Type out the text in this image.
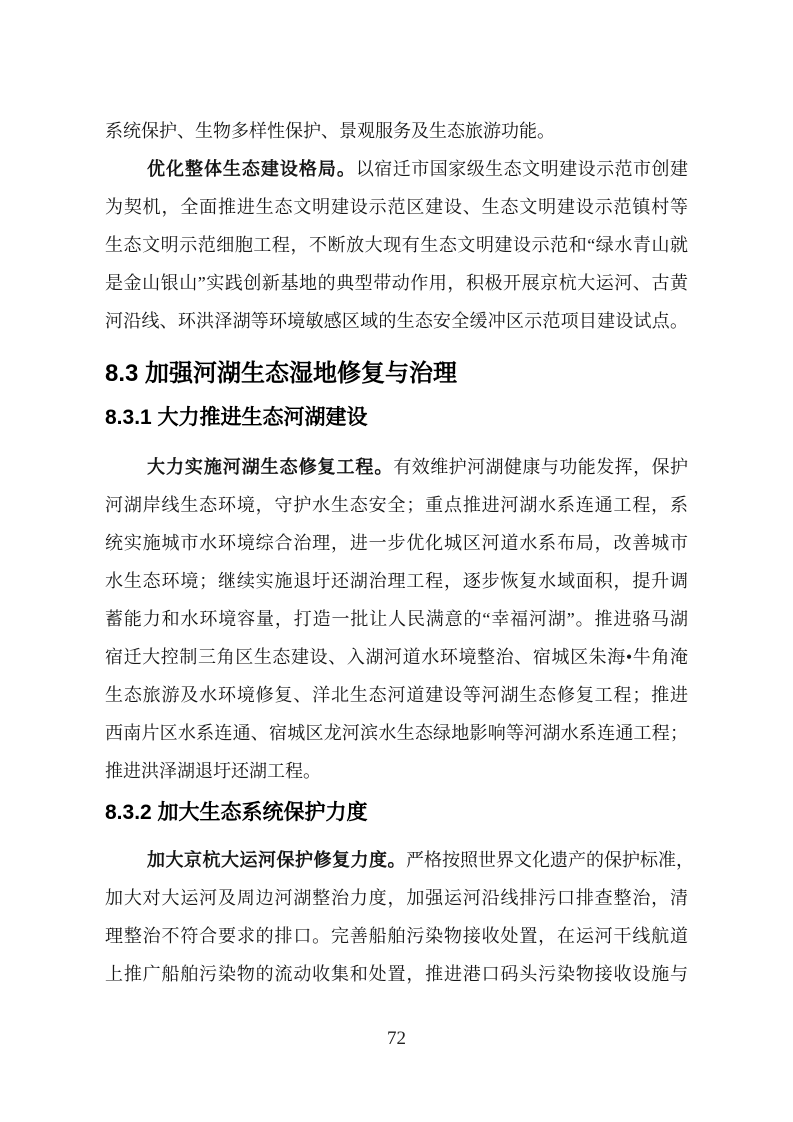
系统保护、生物多样性保护、景观服务及生态旅游功能。
优化整体生态建设格局。以宿迁市国家级生态文明建设示范市创建
为契机，全面推进生态文明建设示范区建设、生态文明建设示范镇村等
生态文明示范细胞工程，不断放大现有生态文明建设示范和“绿水青山就
是金山银山”实践创新基地的典型带动作用，积极开展京杭大运河、古黄
河沿线、环洪泽湖等环境敏感区域的生态安全缓冲区示范项目建设试点。
8.3 加强河湖生态湿地修复与治理
8.3.1 大力推进生态河湖建设
大力实施河湖生态修复工程。有效维护河湖健康与功能发挥，保护
河湖岸线生态环境，守护水生态安全；重点推进河湖水系连通工程，系
统实施城市水环境综合治理，进一步优化城区河道水系布局，改善城市
水生态环境；继续实施退圩还湖治理工程，逐步恢复水域面积，提升调
蓄能力和水环境容量，打造一批让人民满意的“幸福河湖”。推进骆马湖
宿迁大控制三角区生态建设、入湖河道水环境整治、宿城区朱海•牛角淹
生态旅游及水环境修复、洋北生态河道建设等河湖生态修复工程；推进
西南片区水系连通、宿城区龙河滨水生态绿地影响等河湖水系连通工程；
推进洪泽湖退圩还湖工程。
8.3.2 加大生态系统保护力度
加大京杭大运河保护修复力度。严格按照世界文化遗产的保护标准，
加大对大运河及周边河湖整治力度，加强运河沿线排污口排查整治，清
理整治不符合要求的排口。完善船舶污染物接收处置，在运河干线航道
上推广船舶污染物的流动收集和处置，推进港口码头污染物接收设施与
72
